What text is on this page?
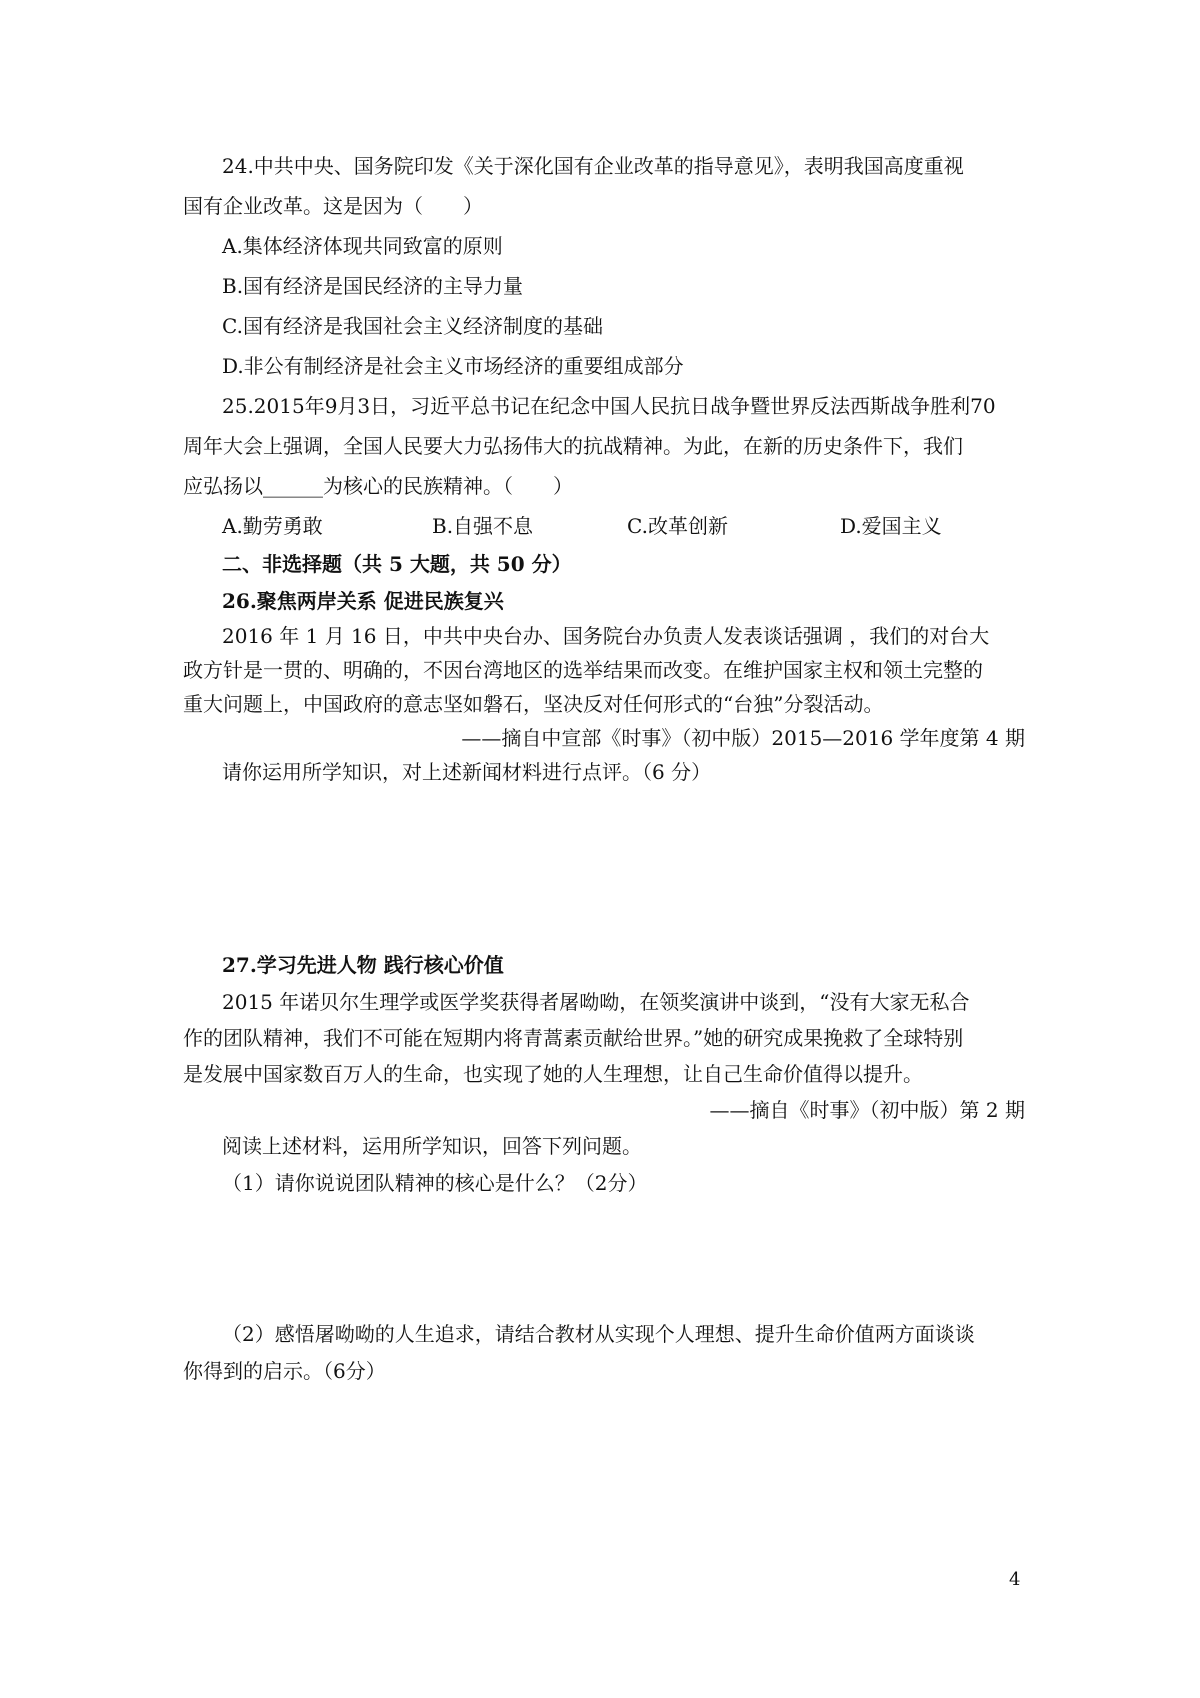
24.中共中央、国务院印发《关于深化国有企业改革的指导意见》，表明我国高度重视
国有企业改革。这是因为（　　）
A.集体经济体现共同致富的原则
B.国有经济是国民经济的主导力量
C.国有经济是我国社会主义经济制度的基础
D.非公有制经济是社会主义市场经济的重要组成部分
25.2015年9月3日，习近平总书记在纪念中国人民抗日战争暨世界反法西斯战争胜利70
周年大会上强调，全国人民要大力弘扬伟大的抗战精神。为此，在新的历史条件下，我们
应弘扬以______为核心的民族精神。（　　）
A.勤劳勇敢	B.自强不息	C.改革创新	D.爱国主义
二、非选择题（共 5 大题，共 50 分）
26.聚焦两岸关系 促进民族复兴
2016 年 1 月 16 日，中共中央台办、国务院台办负责人发表谈话强调 ，我们的对台大
政方针是一贯的、明确的，不因台湾地区的选举结果而改变。在维护国家主权和领土完整的
重大问题上，中国政府的意志坚如磐石，坚决反对任何形式的“台独”分裂活动。
——摘自中宣部《时事》（初中版）2015—2016 学年度第 4 期
请你运用所学知识，对上述新闻材料进行点评。（6 分）
27.学习先进人物 践行核心价值
2015 年诺贝尔生理学或医学奖获得者屠呦呦，在领奖演讲中谈到，“没有大家无私合
作的团队精神，我们不可能在短期内将青蒿素贡献给世界。”她的研究成果挽救了全球特别
是发展中国家数百万人的生命，也实现了她的人生理想，让自己生命价值得以提升。
——摘自《时事》（初中版）第 2 期
阅读上述材料，运用所学知识，回答下列问题。
（1）请你说说团队精神的核心是什么？（2分）
（2）感悟屠呦呦的人生追求，请结合教材从实现个人理想、提升生命价值两方面谈谈
你得到的启示。（6分）
4
